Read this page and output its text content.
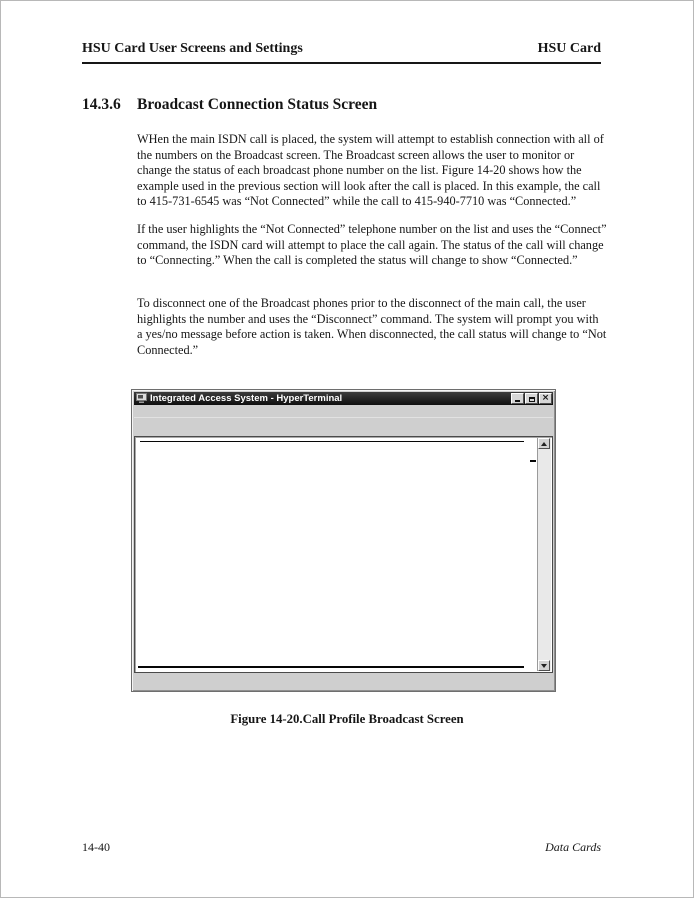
HSU Card User Screens and Settings	HSU Card
14.3.6 Broadcast Connection Status Screen

WHen the main ISDN call is placed, the system will attempt to establish connection with all of the numbers on the Broadcast screen. The Broadcast screen allows the user to monitor or change the status of each broadcast phone number on the list. Figure 14-20 shows how the example used in the previous section will look after the call is placed. In this example, the call to 415-731-6545 was “Not Connected” while the call to 415-940-7710 was “Connected.”

If the user highlights the “Not Connected” telephone number on the list and uses the “Connect” command, the ISDN card will attempt to place the call again. The status of the call will change to “Connecting.” When the call is completed the status will change to show “Connected.”

To disconnect one of the Broadcast phones prior to the disconnect of the main call, the user highlights the number and uses the “Disconnect” command. The system will prompt you with a yes/no message before action is taken. When disconnected, the call status will change to “Not Connected.”

Integrated Access System - HyperTerminal	×
Figure 14-20.Call Profile Broadcast Screen
14-40	Data Cards
